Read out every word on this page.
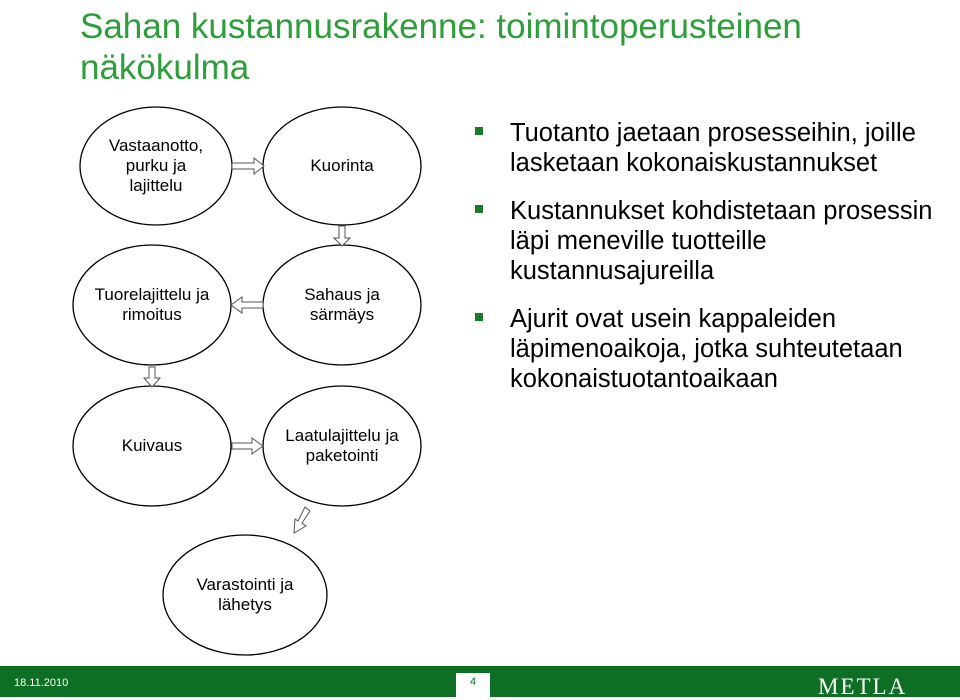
Sahan kustannusrakenne: toimintoperusteinen näkökulma
Vastaanotto, purku ja lajittelu
Kuorinta
Tuorelajittelu ja rimoitus
Sahaus ja särmäys
Kuivaus
Laatulajittelu ja paketointi
Varastointi ja lähetys
Tuotanto jaetaan prosesseihin, joille lasketaan kokonaiskustannukset
Kustannukset kohdistetaan prosessin läpi meneville tuotteille kustannusajureilla
Ajurit ovat usein kappaleiden läpimenoaikoja, jotka suhteutetaan kokonaistuotantoaikaan
18.11.2010	4	METLA
